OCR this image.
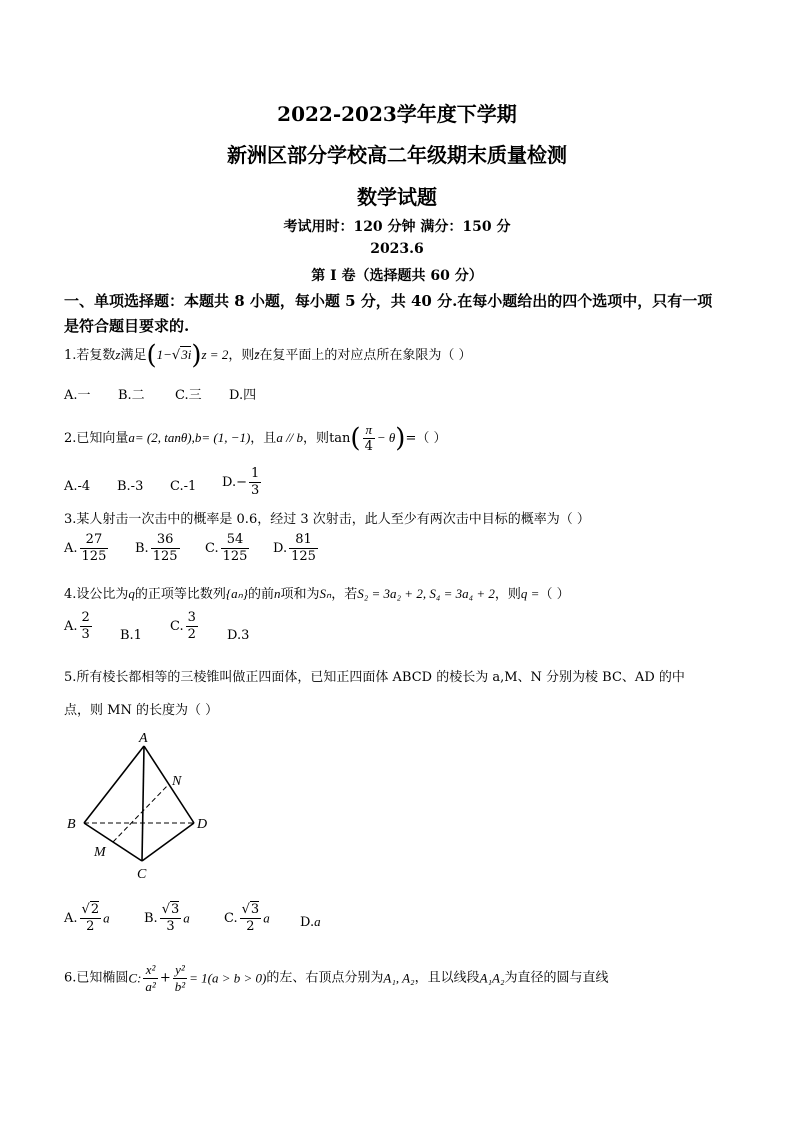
2022-2023学年度下学期
新洲区部分学校高二年级期末质量检测
数学试题
考试用时：120 分钟 满分：150 分
2023.6
第 I 卷（选择题共 60 分）
一、单项选择题：本题共 8 小题，每小题 5 分，共 40 分.在每小题给出的四个选项中，只有一项
是符合题目要求的.
1.若复数z满足(1−√3i)z = 2，则z̄在复平面上的对应点所在象限为（ ）
A.一 B.二 C.三 D.四
2.已知向量a= (2, tanθ),b= (1, −1)，且a // b，则$\tan( \frac{\pi}{4} - \theta)=$（ ）
A.-4 B.-3 C.-1 $D.- \frac{1}{3}$
3.某人射击一次击中的概率是 0.6，经过 3 次射击，此人至少有两次击中目标的概率为（ ）
A. $\frac{27}{125} B$. $\frac{36}{125} C$. $\frac{54}{125} D$. $\frac{81}{125}$
4.设公比为q的正项等比数列{aₙ}的前n项和为Sₙ，若S₂ = 3a₂ + 2, S₄ = 3a₄ + 2，则q =（ ）
A. $\frac{2}{3} B.1$
C. $\frac{3}{2} D.3$
5.所有棱长都相等的三棱锥叫做正四面体，已知正四面体 ABCD 的棱长为 a,M、N 分别为棱 BC、AD 的中
点，则 MN 的长度为（ ）
A
B
C
D
M
N
A. $\frac{√2}{2}$ a	B. $\frac{√3}{3}$ a	C. $\frac{√3}{2}$ a D.a
6.已知椭圆C: $\frac{\text{x²}}{\text{a²}} + \frac{\text{y²}}{\text{b²}} = 1(a > b > 0)$的左、右顶点分别为A₁, A₂，且以线段A₁A₂为直径的圆与直线
